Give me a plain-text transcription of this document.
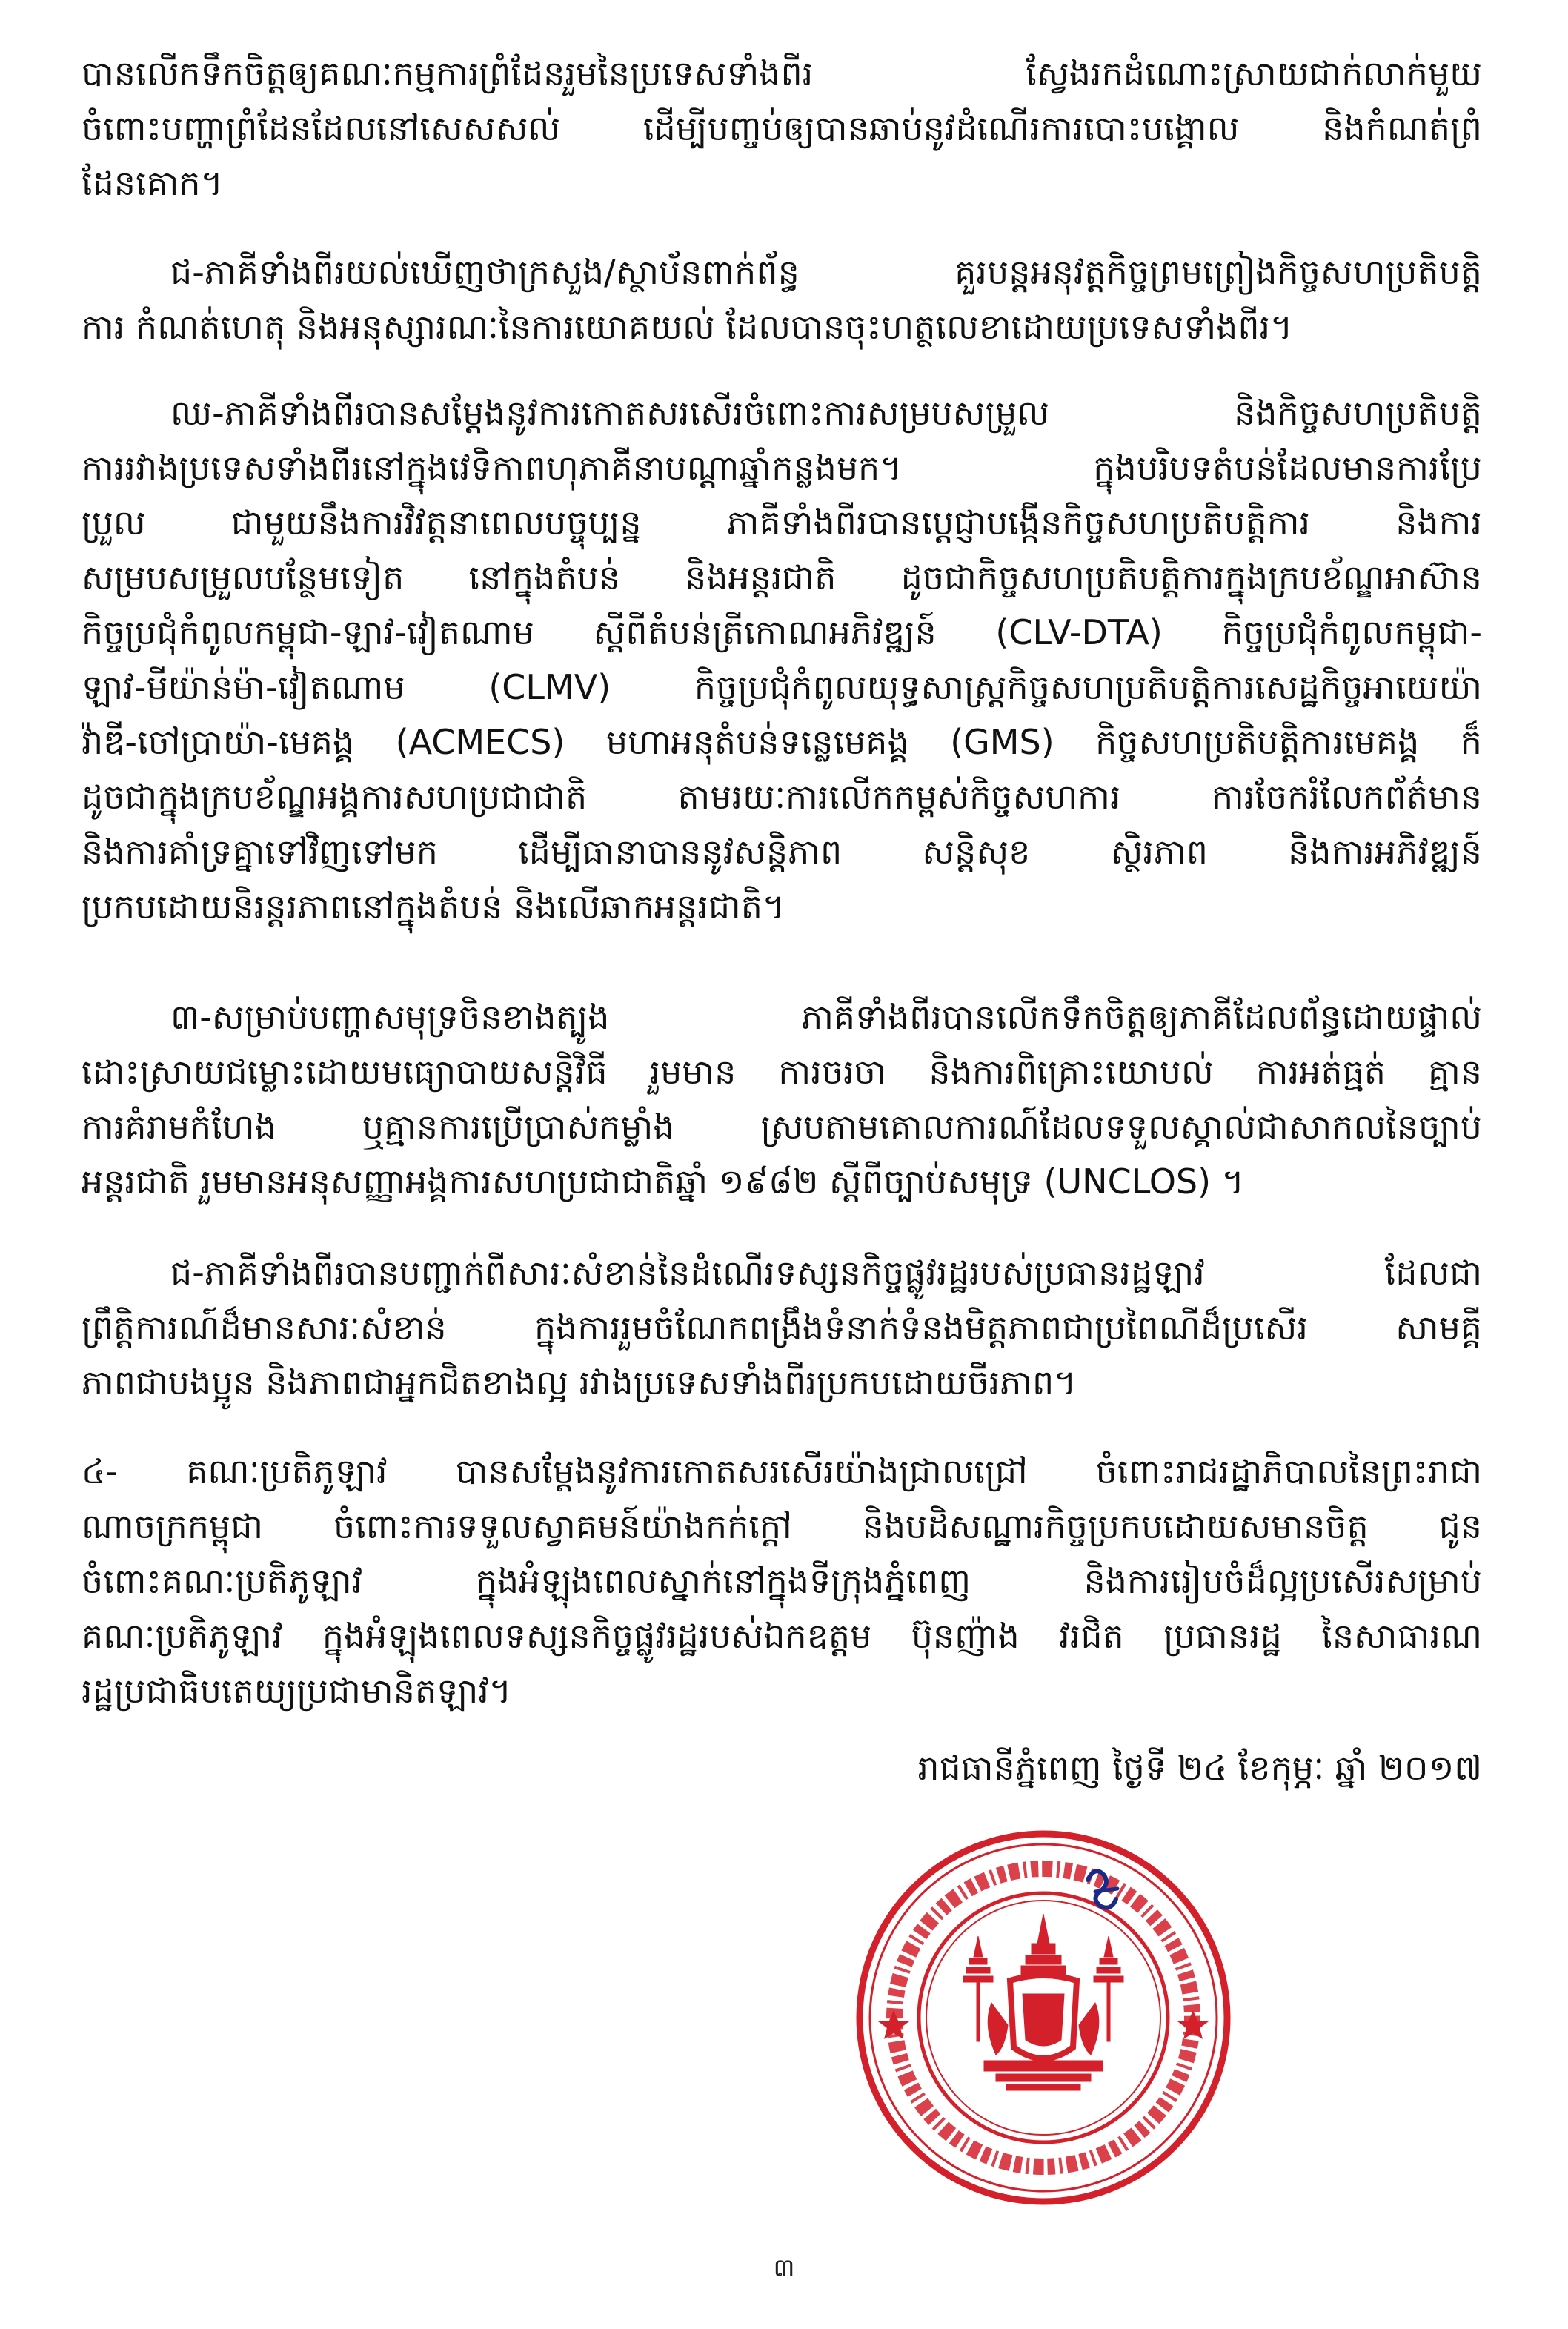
បានលើកទឹកចិត្តឲ្យគណៈកម្មការព្រំដែនរួមនៃប្រទេសទាំងពីរ ស្វែងរកដំណោះស្រាយជាក់លាក់មួយ
ចំពោះបញ្ហាព្រំដែនដែលនៅសេសសល់ ដើម្បីបញ្ចប់ឲ្យបានឆាប់នូវដំណើរការបោះបង្គោល និងកំណត់ព្រំ
ដែនគោក។
ជ-ភាគីទាំងពីរយល់ឃើញថាក្រសួង/ស្ថាប័នពាក់ព័ន្ធ គួរបន្តអនុវត្តកិច្ចព្រមព្រៀងកិច្ចសហប្រតិបត្តិ
ការ កំណត់ហេតុ និងអនុស្សារណៈនៃការយោគយល់ ដែលបានចុះហត្ថលេខាដោយប្រទេសទាំងពីរ។
ឈ-ភាគីទាំងពីរបានសម្តែងនូវការកោតសរសើរចំពោះការសម្របសម្រួល និងកិច្ចសហប្រតិបត្តិ
ការរវាងប្រទេសទាំងពីរនៅក្នុងវេទិកាពហុភាគីនាបណ្តាឆ្នាំកន្លងមក។ ក្នុងបរិបទតំបន់ដែលមានការប្រែ
ប្រួល ជាមួយនឹងការវិវត្តនាពេលបច្ចុប្បន្ន ភាគីទាំងពីរបានប្តេជ្ញាបង្កើនកិច្ចសហប្រតិបត្តិការ និងការ
សម្របសម្រួលបន្ថែមទៀត នៅក្នុងតំបន់ និងអន្តរជាតិ ដូចជាកិច្ចសហប្រតិបត្តិការក្នុងក្របខ័ណ្ឌអាស៊ាន
កិច្ចប្រជុំកំពូលកម្ពុជា-ឡាវ-វៀតណាម ស្តីពីតំបន់ត្រីកោណអភិវឌ្ឍន៍ (CLV-DTA) កិច្ចប្រជុំកំពូលកម្ពុជា-
ឡាវ-មីយ៉ាន់ម៉ា-វៀតណាម (CLMV) កិច្ចប្រជុំកំពូលយុទ្ធសាស្ត្រកិច្ចសហប្រតិបត្តិការសេដ្ឋកិច្ចអាយេយ៉ា
វ៉ាឌី-ចៅប្រាយ៉ា-មេគង្គ (ACMECS) មហាអនុតំបន់ទន្លេមេគង្គ (GMS) កិច្ចសហប្រតិបត្តិការមេគង្គ ក៏
ដូចជាក្នុងក្របខ័ណ្ឌអង្គការសហប្រជាជាតិ តាមរយៈការលើកកម្ពស់កិច្ចសហការ ការចែករំលែកព័ត៌មាន
និងការគាំទ្រគ្នាទៅវិញទៅមក ដើម្បីធានាបាននូវសន្តិភាព សន្តិសុខ ស្ថិរភាព និងការអភិវឌ្ឍន៍
ប្រកបដោយនិរន្តរភាពនៅក្នុងតំបន់ និងលើឆាកអន្តរជាតិ។
៣-សម្រាប់បញ្ហាសមុទ្រចិនខាងត្បូង ភាគីទាំងពីរបានលើកទឹកចិត្តឲ្យភាគីដែលព័ន្ធដោយផ្ទាល់
ដោះស្រាយជម្លោះដោយមធ្យោបាយសន្តិវិធី រួមមាន ការចរចា និងការពិគ្រោះយោបល់ ការអត់ធ្មត់ គ្មាន
ការគំរាមកំហែង ឬគ្មានការប្រើប្រាស់កម្លាំង ស្របតាមគោលការណ៍ដែលទទួលស្គាល់ជាសាកលនៃច្បាប់
អន្តរជាតិ រួមមានអនុសញ្ញាអង្គការសហប្រជាជាតិឆ្នាំ ១៩៨២ ស្តីពីច្បាប់សមុទ្រ (UNCLOS) ។
ជ-ភាគីទាំងពីរបានបញ្ជាក់ពីសារៈសំខាន់នៃដំណើរទស្សនកិច្ចផ្លូវរដ្ឋរបស់ប្រធានរដ្ឋឡាវ ដែលជា
ព្រឹត្តិការណ៍ដ៏មានសារៈសំខាន់ ក្នុងការរួមចំណែកពង្រឹងទំនាក់ទំនងមិត្តភាពជាប្រពៃណីដ៏ប្រសើរ សាមគ្គី
ភាពជាបងប្អូន និងភាពជាអ្នកជិតខាងល្អ រវាងប្រទេសទាំងពីរប្រកបដោយចីរភាព។
៤- គណៈប្រតិភូឡាវ បានសម្តែងនូវការកោតសរសើរយ៉ាងជ្រាលជ្រៅ ចំពោះរាជរដ្ឋាភិបាលនៃព្រះរាជា
ណាចក្រកម្ពុជា ចំពោះការទទួលស្វាគមន៍យ៉ាងកក់ក្តៅ និងបដិសណ្ឋារកិច្ចប្រកបដោយសមានចិត្ត ជូន
ចំពោះគណៈប្រតិភូឡាវ ក្នុងអំឡុងពេលស្នាក់នៅក្នុងទីក្រុងភ្នំពេញ និងការរៀបចំដ៏ល្អប្រសើរសម្រាប់
គណៈប្រតិភូឡាវ ក្នុងអំឡុងពេលទស្សនកិច្ចផ្លូវរដ្ឋរបស់ឯកឧត្តម ប៊ុនញ៉ាង វរជិត ប្រធានរដ្ឋ នៃសាធារណ
រដ្ឋប្រជាធិបតេយ្យប្រជាមានិតឡាវ។
រាជធានីភ្នំពេញ ថ្ងៃទី ២៤ ខែកុម្ភៈ ឆ្នាំ ២០១៧
៣
